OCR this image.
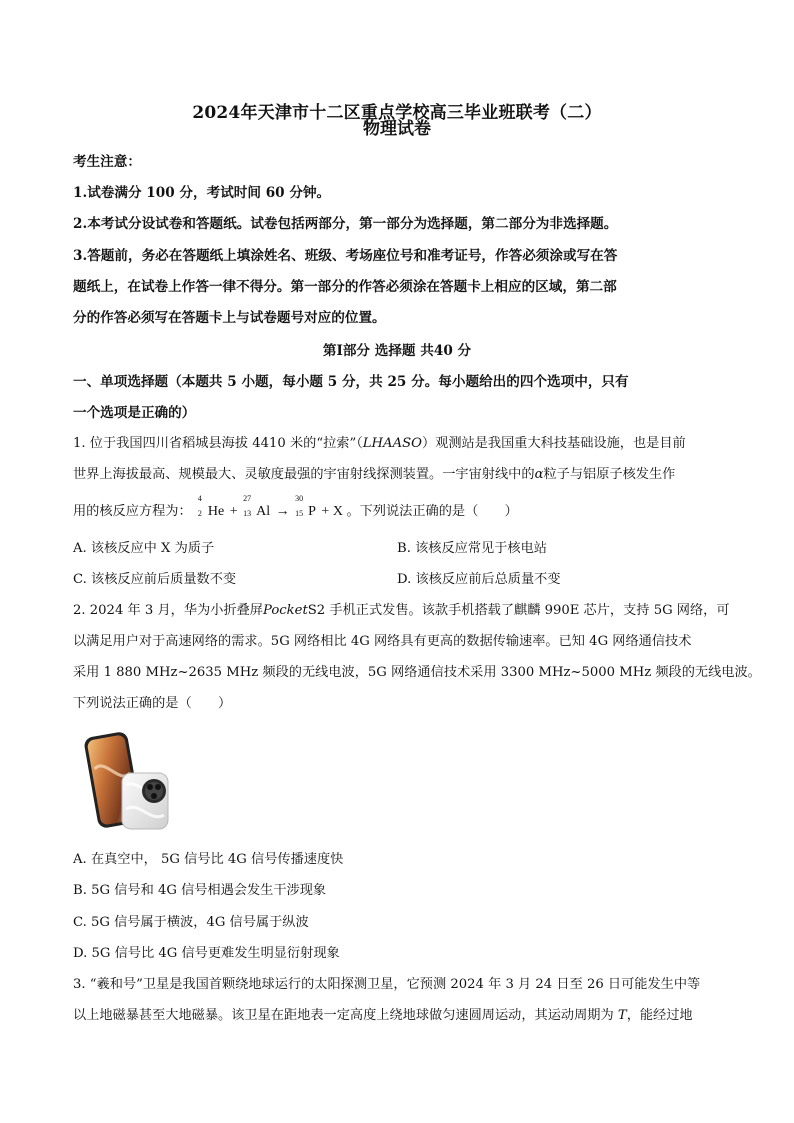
2024年天津市十二区重点学校高三毕业班联考（二）
物理试卷
考生注意：
1.试卷满分 100 分，考试时间 60 分钟。
2.本考试分设试卷和答题纸。试卷包括两部分，第一部分为选择题，第二部分为非选择题。
3.答题前，务必在答题纸上填涂姓名、班级、考场座位号和准考证号，作答必须涂或写在答
题纸上，在试卷上作答一律不得分。第一部分的作答必须涂在答题卡上相应的区域，第二部
分的作答必须写在答题卡上与试卷题号对应的位置。
第Ⅰ部分 选择题 共40 分
一、单项选择题（本题共 5 小题，每小题 5 分，共 25 分。每小题给出的四个选项中，只有
一个选项是正确的）
1. 位于我国四川省稻城县海拔 4410 米的“拉索”（LHAASO）观测站是我国重大科技基础设施，也是目前
世界上海拔最高、规模最大、灵敏度最强的宇宙射线探测装置。一宇宙射线中的α粒子与铝原子核发生作
用的核反应方程为：
4
2 He +
27
13 Al →
30
15 P + X 。下列说法正确的是（　　）
A. 该核反应中 X 为质子	B. 该核反应常见于核电站
C. 该核反应前后质量数不变	D. 该核反应前后总质量不变
2. 2024 年 3 月，华为小折叠屏PocketS2 手机正式发售。该款手机搭载了麒麟 990E 芯片，支持 5G 网络，可
以满足用户对于高速网络的需求。5G 网络相比 4G 网络具有更高的数据传输速率。已知 4G 网络通信技术
采用 1 880 MHz~2635 MHz 频段的无线电波，5G 网络通信技术采用 3300 MHz~5000 MHz 频段的无线电波。
下列说法正确的是（　　）
A. 在真空中， 5G 信号比 4G 信号传播速度快
B. 5G 信号和 4G 信号相遇会发生干涉现象
C. 5G 信号属于横波，4G 信号属于纵波
D. 5G 信号比 4G 信号更难发生明显衍射现象
3. “羲和号”卫星是我国首颗绕地球运行的太阳探测卫星，它预测 2024 年 3 月 24 日至 26 日可能发生中等
以上地磁暴甚至大地磁暴。该卫星在距地表一定高度上绕地球做匀速圆周运动，其运动周期为 T，能经过地
